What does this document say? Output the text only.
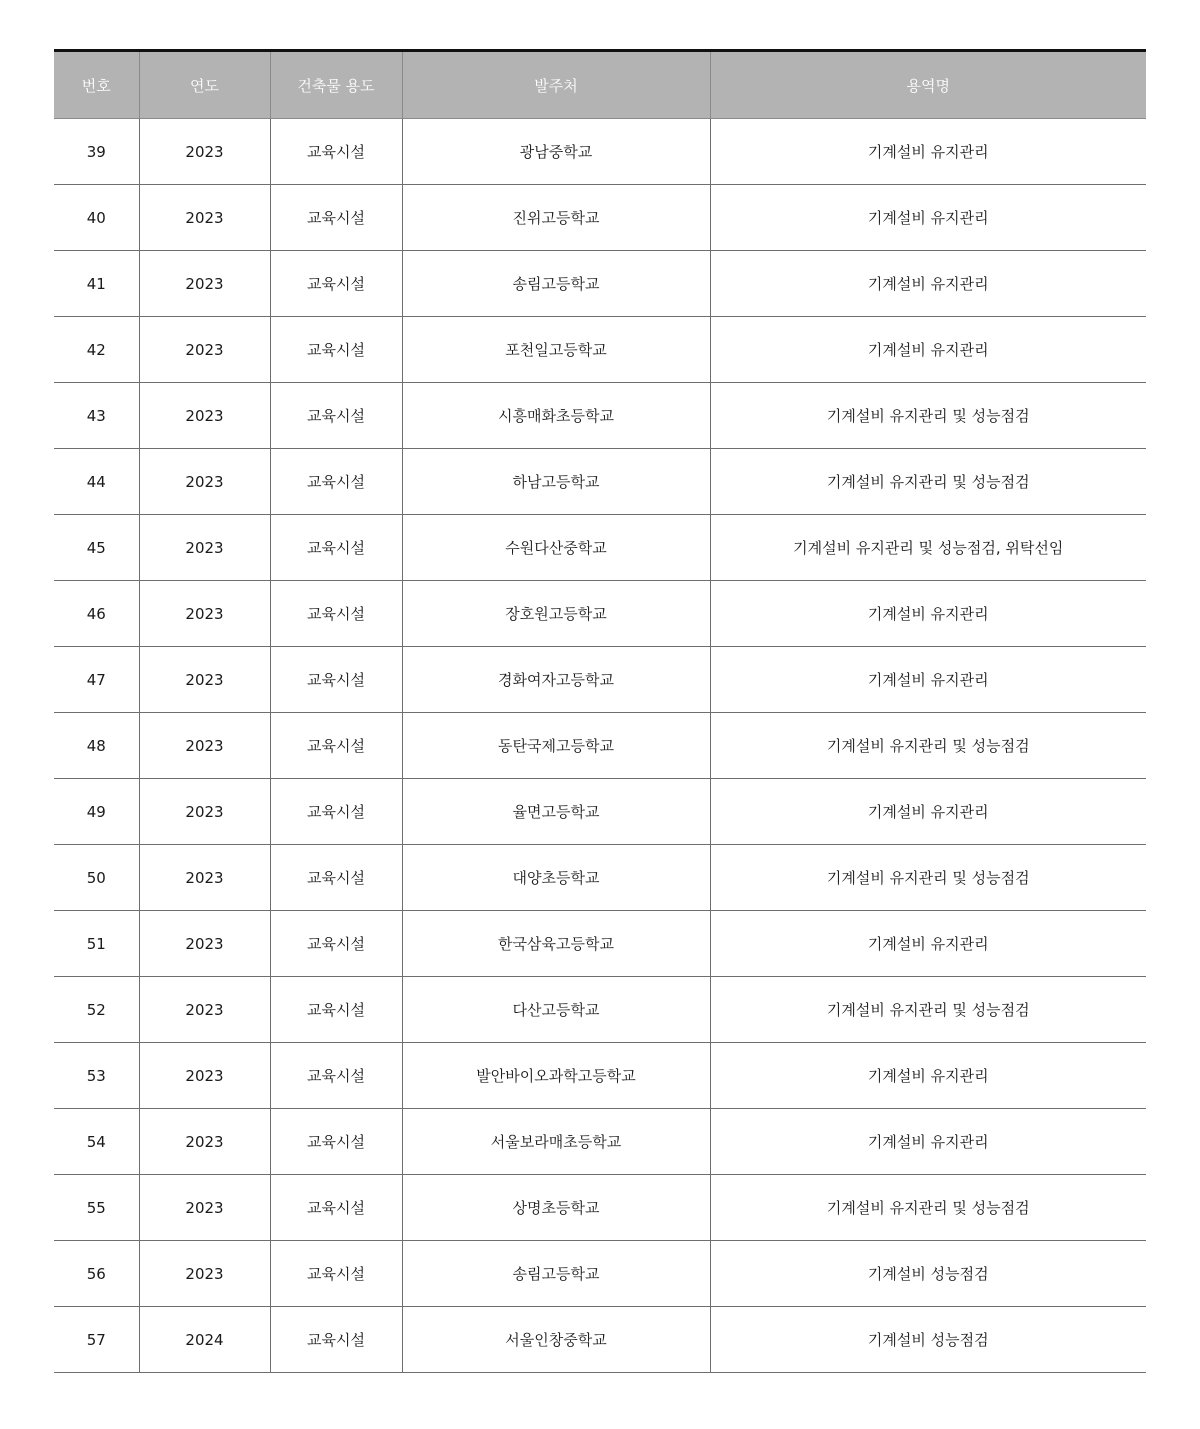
번호	연도	건축물 용도	발주처	용역명
39	2023	교육시설	광남중학교	기계설비 유지관리
40	2023	교육시설	진위고등학교	기계설비 유지관리
41	2023	교육시설	송림고등학교	기계설비 유지관리
42	2023	교육시설	포천일고등학교	기계설비 유지관리
43	2023	교육시설	시흥매화초등학교	기계설비 유지관리 및 성능점검
44	2023	교육시설	하남고등학교	기계설비 유지관리 및 성능점검
45	2023	교육시설	수원다산중학교	기계설비 유지관리 및 성능점검, 위탁선임
46	2023	교육시설	장호원고등학교	기계설비 유지관리
47	2023	교육시설	경화여자고등학교	기계설비 유지관리
48	2023	교육시설	동탄국제고등학교	기계설비 유지관리 및 성능점검
49	2023	교육시설	율면고등학교	기계설비 유지관리
50	2023	교육시설	대양초등학교	기계설비 유지관리 및 성능점검
51	2023	교육시설	한국삼육고등학교	기계설비 유지관리
52	2023	교육시설	다산고등학교	기계설비 유지관리 및 성능점검
53	2023	교육시설	발안바이오과학고등학교	기계설비 유지관리
54	2023	교육시설	서울보라매초등학교	기계설비 유지관리
55	2023	교육시설	상명초등학교	기계설비 유지관리 및 성능점검
56	2023	교육시설	송림고등학교	기계설비 성능점검
57	2024	교육시설	서울인창중학교	기계설비 성능점검
